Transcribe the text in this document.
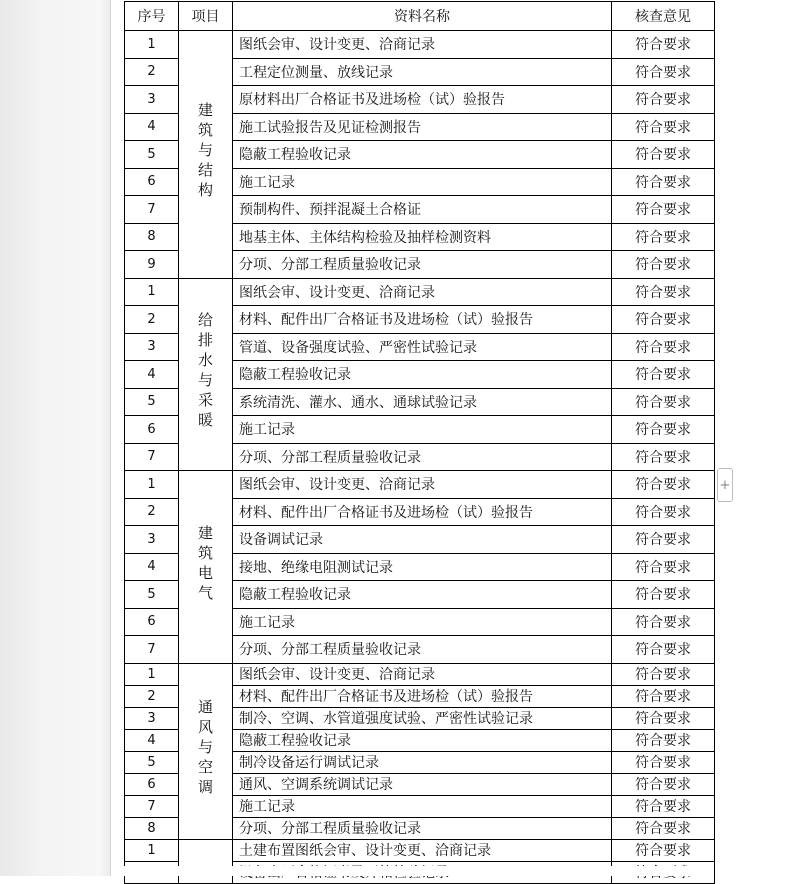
序号	项目	资料名称	核查意见
1	建筑与结构	图纸会审、设计变更、洽商记录	符合要求
2		工程定位测量、放线记录	符合要求
3		原材料出厂合格证书及进场检（试）验报告	符合要求
4		施工试验报告及见证检测报告	符合要求
5		隐蔽工程验收记录	符合要求
6		施工记录	符合要求
7		预制构件、预拌混凝土合格证	符合要求
8		地基主体、主体结构检验及抽样检测资料	符合要求
9		分项、分部工程质量验收记录	符合要求
1	给排水与采暖	图纸会审、设计变更、洽商记录	符合要求
2		材料、配件出厂合格证书及进场检（试）验报告	符合要求
3		管道、设备强度试验、严密性试验记录	符合要求
4		隐蔽工程验收记录	符合要求
5		系统清洗、灌水、通水、通球试验记录	符合要求
6		施工记录	符合要求
7		分项、分部工程质量验收记录	符合要求
1	建筑电气	图纸会审、设计变更、洽商记录	符合要求
2		材料、配件出厂合格证书及进场检（试）验报告	符合要求
3		设备调试记录	符合要求
4		接地、绝缘电阻测试记录	符合要求
5		隐蔽工程验收记录	符合要求
6		施工记录	符合要求
7		分项、分部工程质量验收记录	符合要求
1	通风与空调	图纸会审、设计变更、洽商记录	符合要求
2		材料、配件出厂合格证书及进场检（试）验报告	符合要求
3		制冷、空调、水管道强度试验、严密性试验记录	符合要求
4		隐蔽工程验收记录	符合要求
5		制冷设备运行调试记录	符合要求
6		通风、空调系统调试记录	符合要求
7		施工记录	符合要求
8		分项、分部工程质量验收记录	符合要求
1		土建布置图纸会审、设计变更、洽商记录	符合要求

+
